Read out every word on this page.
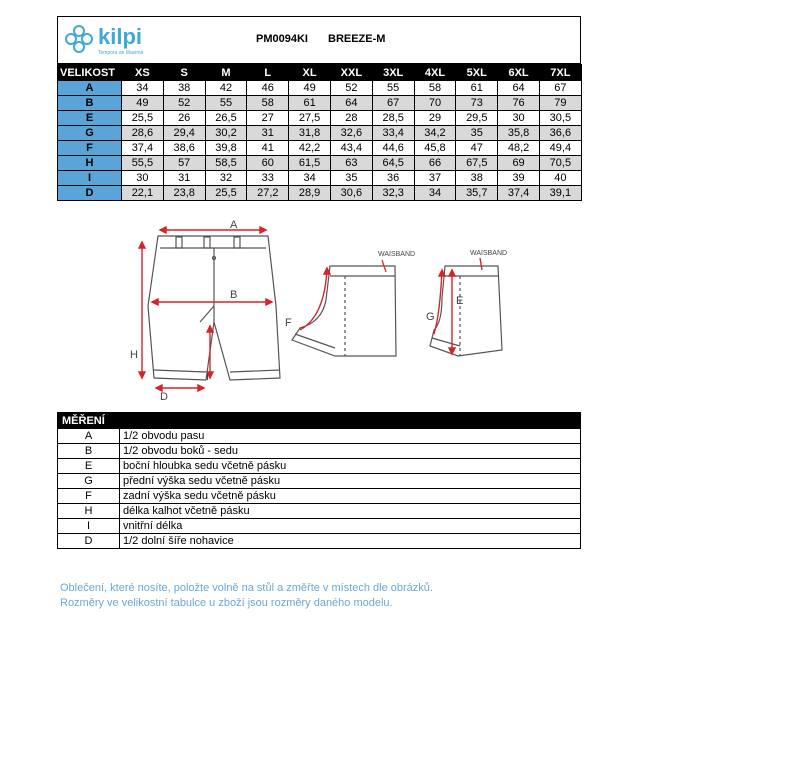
kilpi
Tempora an Maxima
PM0094KI BREEZE-M
VELIKOST	XS	S	M	L	XL	XXL	3XL	4XL	5XL	6XL	7XL
A	34	38	42	46	49	52	55	58	61	64	67
B	49	52	55	58	61	64	67	70	73	76	79
E	25,5	26	26,5	27	27,5	28	28,5	29	29,5	30	30,5
G	28,6	29,4	30,2	31	31,8	32,6	33,4	34,2	35	35,8	36,6
F	37,4	38,6	39,8	41	42,2	43,4	44,6	45,8	47	48,2	49,4
H	55,5	57	58,5	60	61,5	63	64,5	66	67,5	69	70,5
I	30	31	32	33	34	35	36	37	38	39	40
D	22,1	23,8	25,5	27,2	28,9	30,6	32,3	34	35,7	37,4	39,1
A
B
H
I
D
WAISBAND
F
WAISBAND
E
G
MĚŘENÍ	
A	1/2 obvodu pasu
B	1/2 obvodu boků - sedu
E	boční hloubka sedu včetně pásku
G	přední výška sedu včetně pásku
F	zadní výška sedu včetně pásku
H	délka kalhot včetně pásku
I	vnitřní délka
D	1/2 dolní šíře nohavice
Oblečení, které nosíte, položte volně na stůl a změřte v místech dle obrázků.
Rozměry ve velikostní tabulce u zboží jsou rozměry daného modelu.
